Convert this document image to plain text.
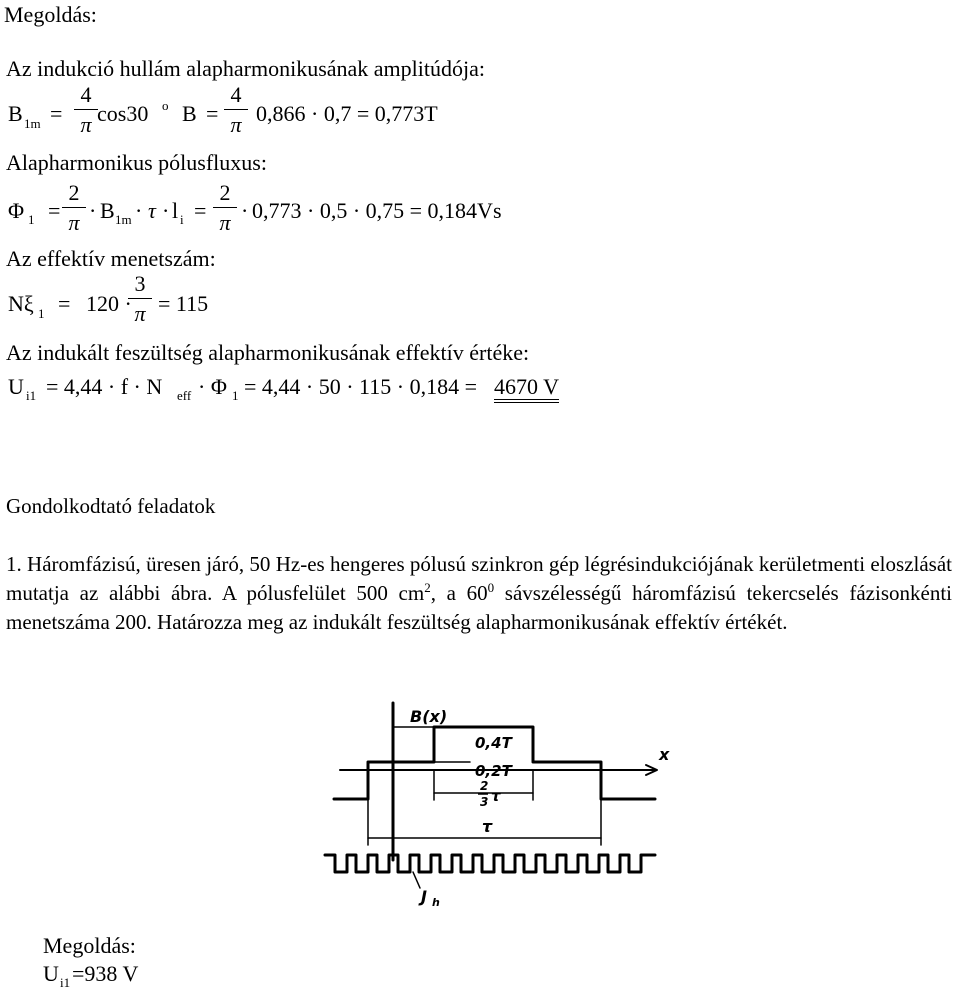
Megoldás:
Az indukció hullám alapharmonikusának amplitúdója:
B 1m =
4
π cos30 o B =
4
π 0,866 · 0,7 = 0,773T
Alapharmonikus pólusfluxus:
Φ 1 =
2
π · B 1m · τ · l i =
2
π · 0,773 · 0,5 · 0,75 = 0,184Vs
Az effektív menetszám:
Nξ 1 = 120 ·
3
π = 115
Az indukált feszültség alapharmonikusának effektív értéke:
U i1 = 4,44 · f · N eff · Φ 1 = 4,44 · 50 · 115 · 0,184 = 4670 V
Gondolkodtató feladatok
1. Háromfázisú, üresen járó, 50 Hz-es hengeres pólusú szinkron gép légrésindukciójának kerületmenti eloszlását mutatja az alábbi ábra. A pólusfelület 500 $cm^2$, a $60^0$ sávszélességű háromfázisú tekercselés fázisonkénti menetszáma 200. Határozza meg az indukált feszültség alapharmonikusának effektív értékét.
B(x)
x
0,4T
0,2T
2
3 τ
τ
J h
Megoldás:
U i1 =938 V
